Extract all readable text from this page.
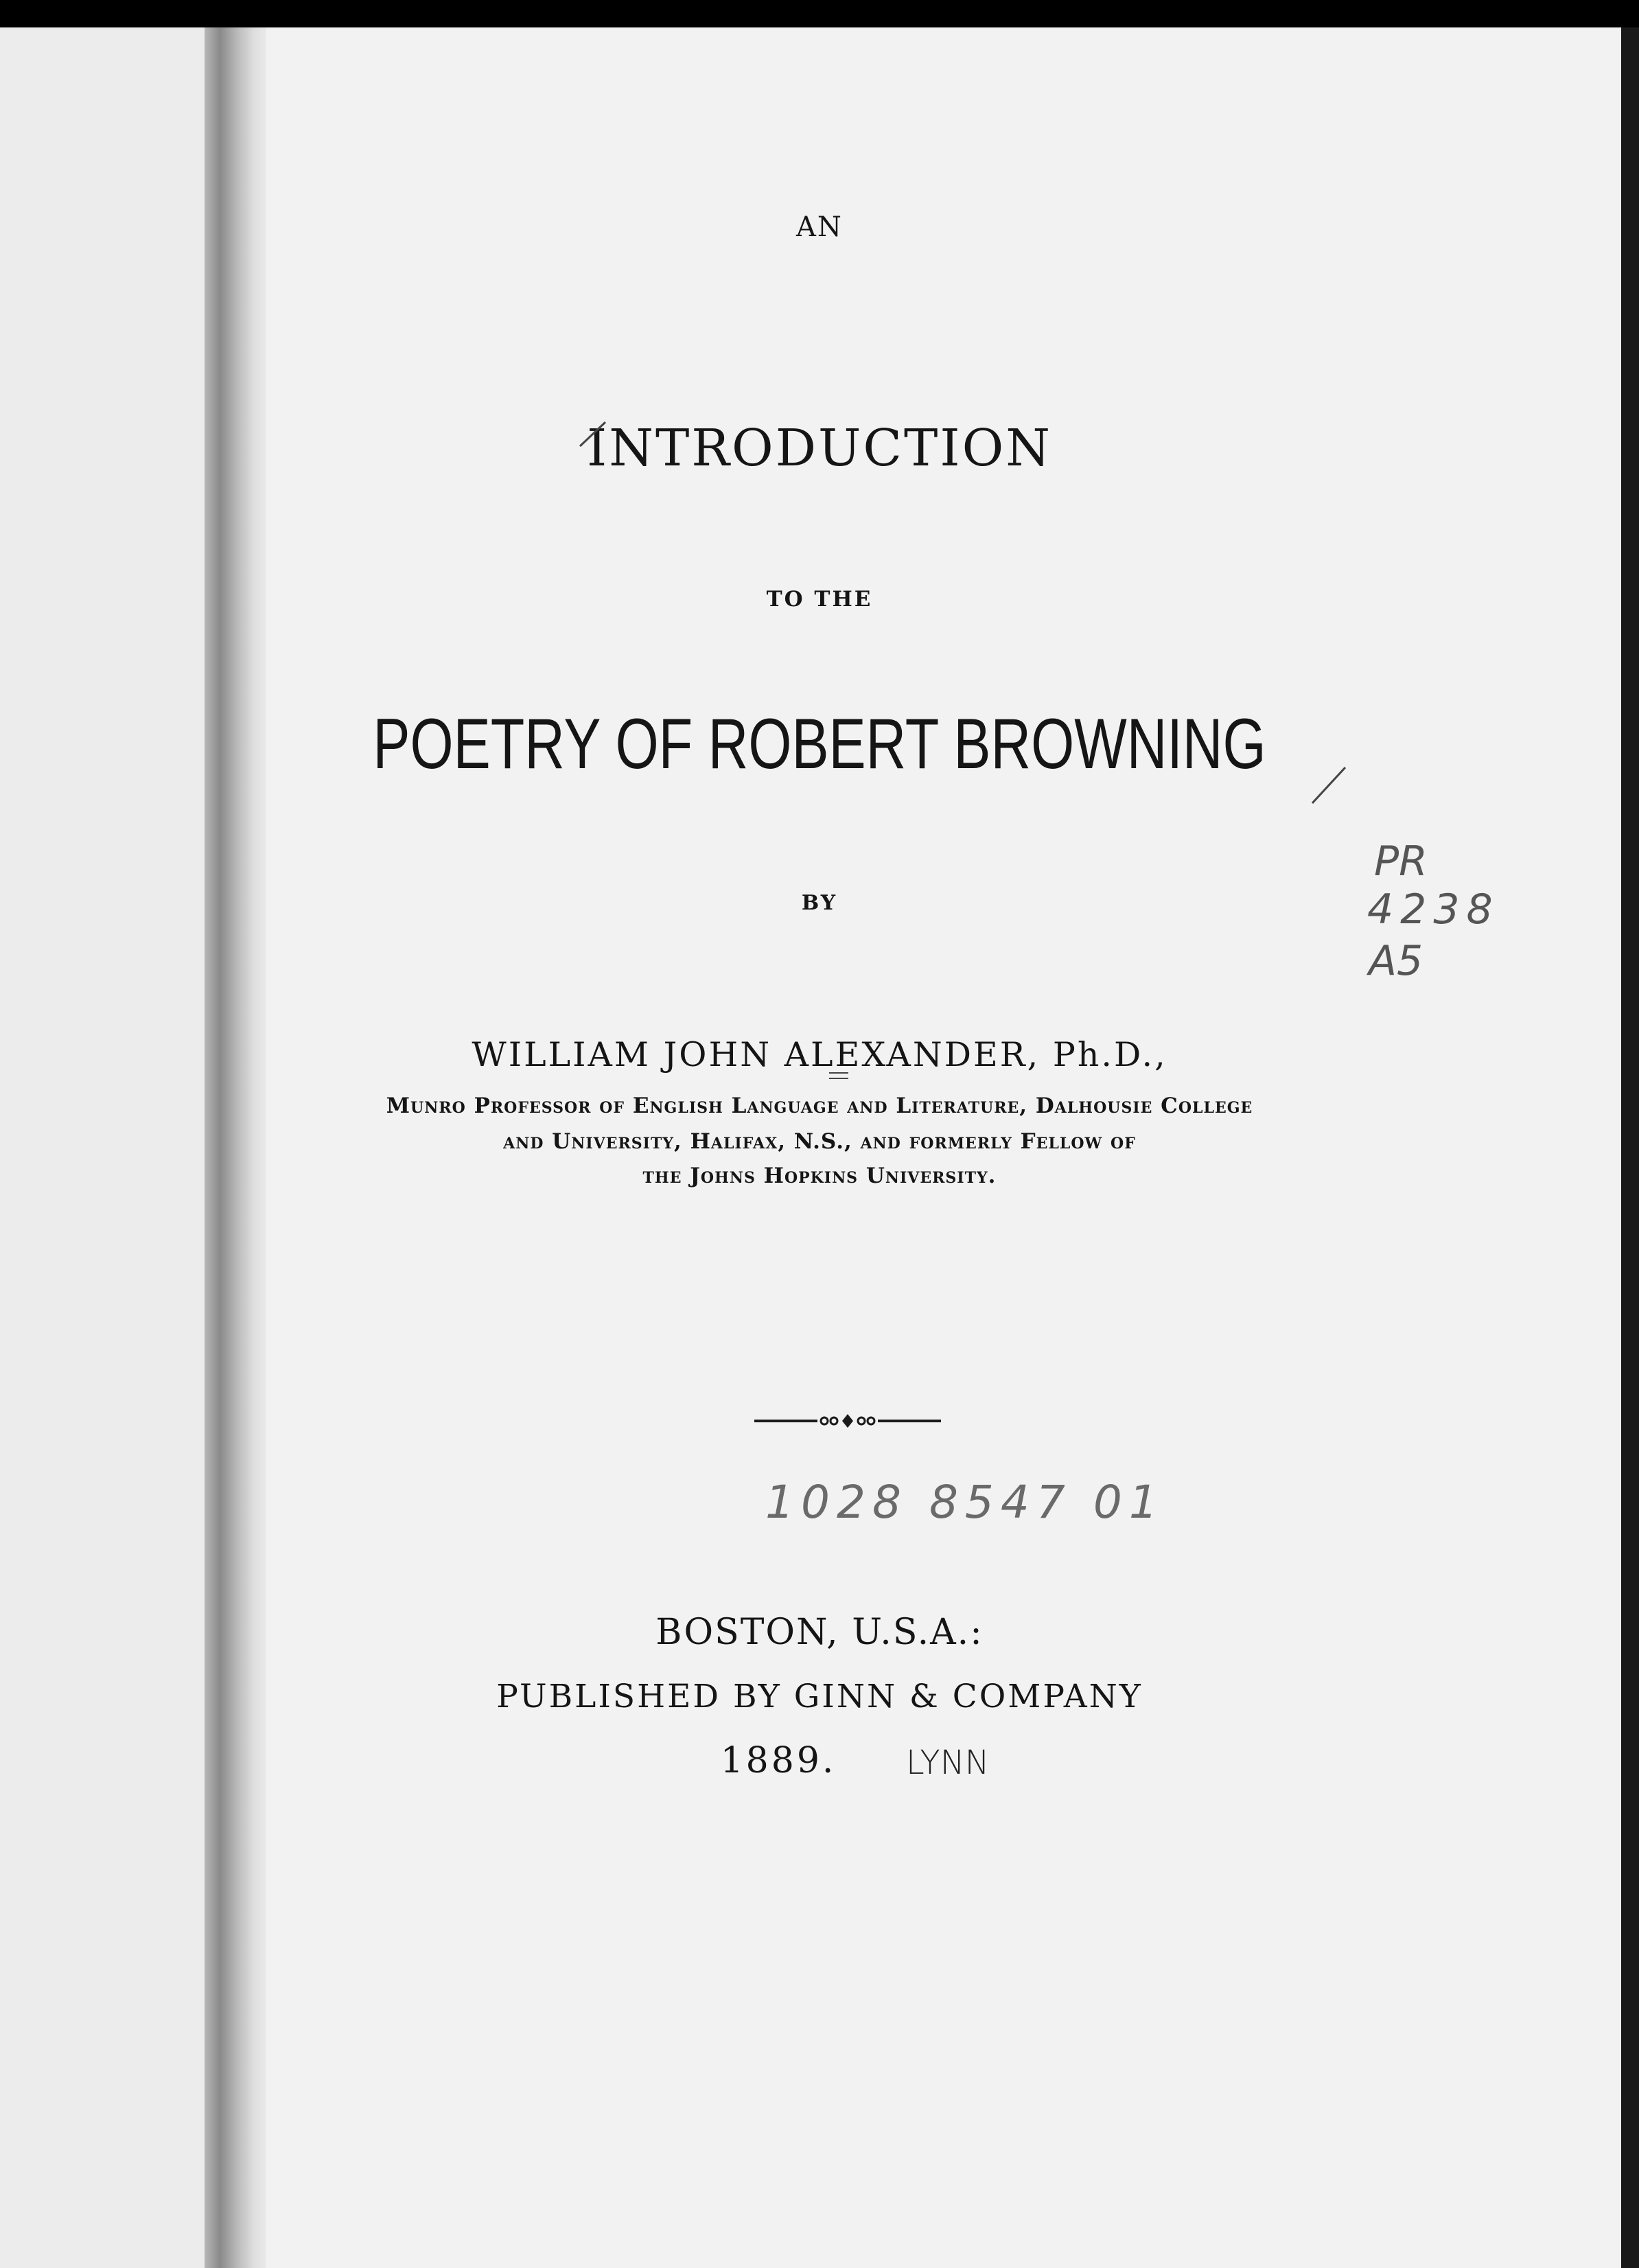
AN
INTRODUCTION
TO THE
POETRY OF ROBERT BROWNING
BY
WILLIAM JOHN ALEXANDER, Ph.D.,
Munro Professor of English Language and Literature, Dalhousie College
and University, Halifax, N.S., and formerly Fellow of
the Johns Hopkins University.
BOSTON, U.S.A.:
PUBLISHED BY GINN & COMPANY
1889.
PR
4238
A5
1028 8547 01
LYNN
